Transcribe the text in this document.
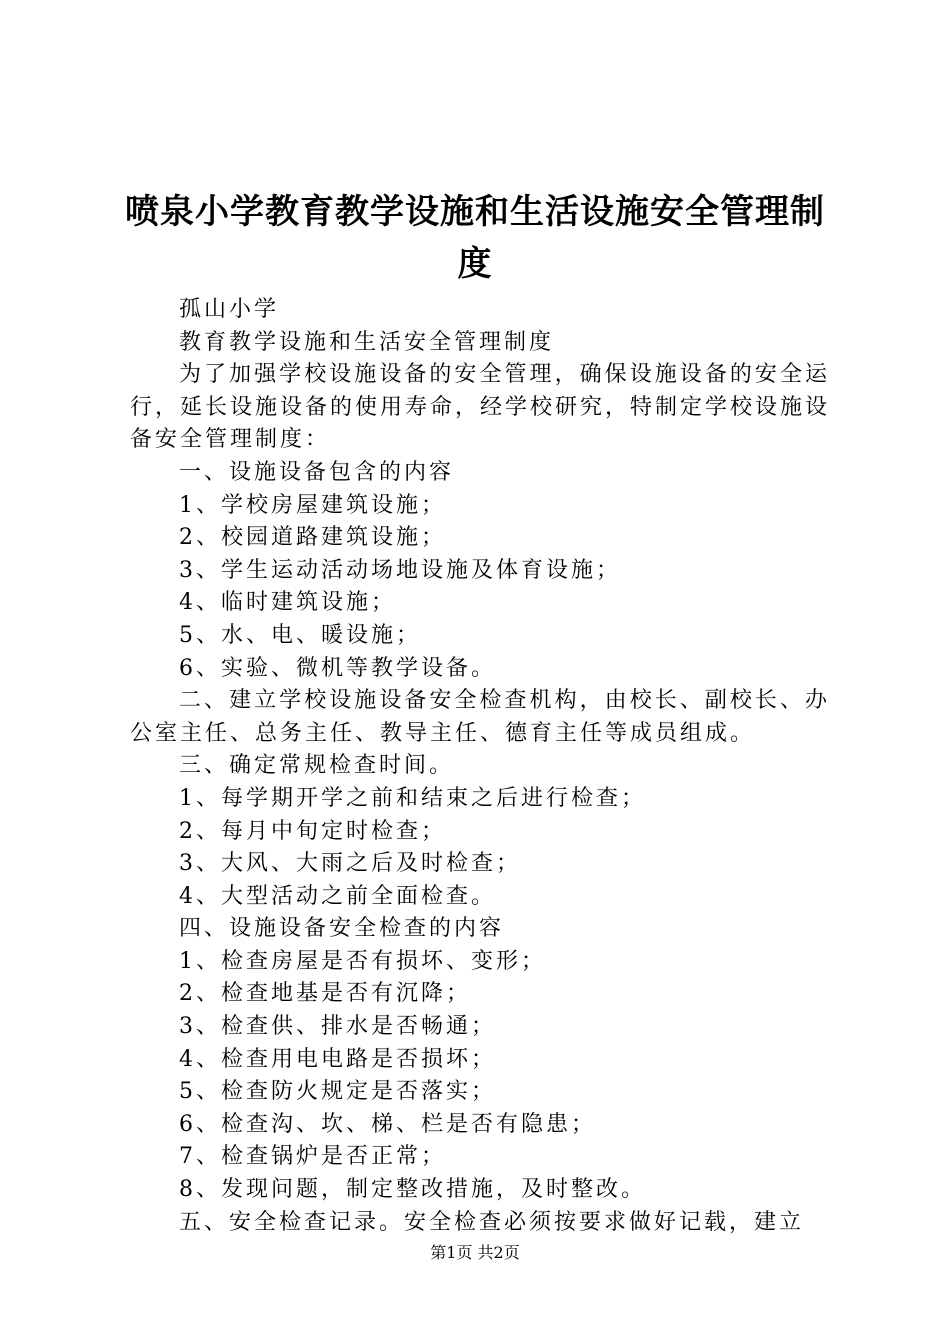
喷泉小学教育教学设施和生活设施安全管理制度

孤山小学

教育教学设施和生活安全管理制度

为了加强学校设施设备的安全管理，确保设施设备的安全运行，延长设施设备的使用寿命，经学校研究，特制定学校设施设备安全管理制度：

一、设施设备包含的内容

1、学校房屋建筑设施；

2、校园道路建筑设施；

3、学生运动活动场地设施及体育设施；

4、临时建筑设施；

5、水、电、暖设施；

6、实验、微机等教学设备。

二、建立学校设施设备安全检查机构，由校长、副校长、办公室主任、总务主任、教导主任、德育主任等成员组成。

三、确定常规检查时间。

1、每学期开学之前和结束之后进行检查；

2、每月中旬定时检查；

3、大风、大雨之后及时检查；

4、大型活动之前全面检查。

四、设施设备安全检查的内容

1、检查房屋是否有损坏、变形；

2、检查地基是否有沉降；

3、检查供、排水是否畅通；

4、检查用电电路是否损坏；

5、检查防火规定是否落实；

6、检查沟、坎、梯、栏是否有隐患；

7、检查锅炉是否正常；

8、发现问题，制定整改措施，及时整改。

五、安全检查记录。安全检查必须按要求做好记载，建立

第1页 共2页
